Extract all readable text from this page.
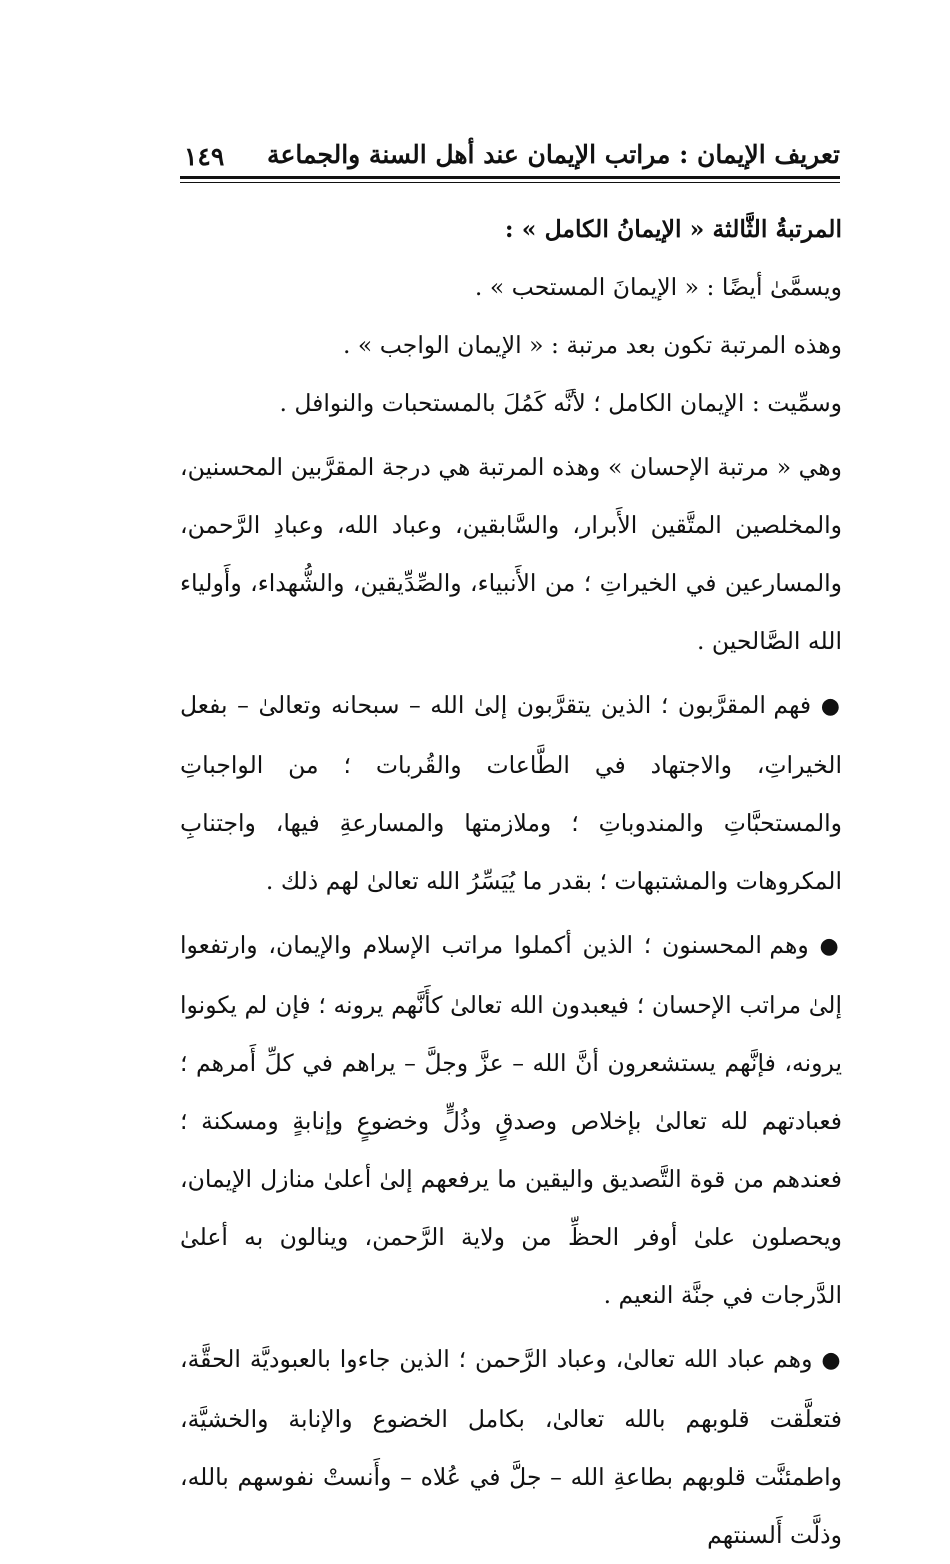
تعريف الإيمان : مراتب الإيمان عند أهل السنة والجماعة
١٤٩

المرتبةُ الثَّالثة « الإيمانُ الكامل » :

ويسمَّىٰ أيضًا : « الإيمانَ المستحب » .

وهذه المرتبة تكون بعد مرتبة : « الإيمان الواجب » .

وسمِّيت : الإيمان الكامل ؛ لأنَّه كَمُلَ بالمستحبات والنوافل .

وهي « مرتبة الإحسان » وهذه المرتبة هي درجة المقرَّبين المحسنين، والمخلصين المتَّقين الأَبرار، والسَّابقين، وعباد الله، وعبادِ الرَّحمن، والمسارعين في الخيراتِ ؛ من الأَنبياء، والصِّدِّيقين، والشُّهداء، وأَولياء الله الصَّالحين .

● فهم المقرَّبون ؛ الذين يتقرَّبون إلىٰ الله – سبحانه وتعالىٰ – بفعل الخيراتِ، والاجتهاد في الطَّاعات والقُربات ؛ من الواجباتِ والمستحبَّاتِ والمندوباتِ ؛ وملازمتها والمسارعةِ فيها، واجتنابِ المكروهات والمشتبهات ؛ بقدر ما يُيَسِّرُ الله تعالىٰ لهم ذلك .

● وهم المحسنون ؛ الذين أكملوا مراتب الإسلام والإيمان، وارتفعوا إلىٰ مراتب الإحسان ؛ فيعبدون الله تعالىٰ كأَنَّهم يرونه ؛ فإن لم يكونوا يرونه، فإنَّهم يستشعرون أنَّ الله – عزَّ وجلَّ – يراهم في كلِّ أَمرهم ؛ فعبادتهم لله تعالىٰ بإخلاص وصدقٍ وذُلٍّ وخضوعٍ وإنابةٍ ومسكنة ؛ فعندهم من قوة التَّصديق واليقين ما يرفعهم إلىٰ أعلىٰ منازل الإيمان، ويحصلون علىٰ أوفر الحظِّ من ولاية الرَّحمن، وينالون به أعلىٰ الدَّرجات في جنَّة النعيم .

● وهم عباد الله تعالىٰ، وعباد الرَّحمن ؛ الذين جاءوا بالعبوديَّة الحقَّة، فتعلَّقت قلوبهم بالله تعالىٰ، بكامل الخضوع والإنابة والخشيَّة، واطمئنَّت قلوبهم بطاعةِ الله – جلَّ في عُلاه – وأَنستْ نفوسهم بالله، وذلَّت أَلسنتهم
